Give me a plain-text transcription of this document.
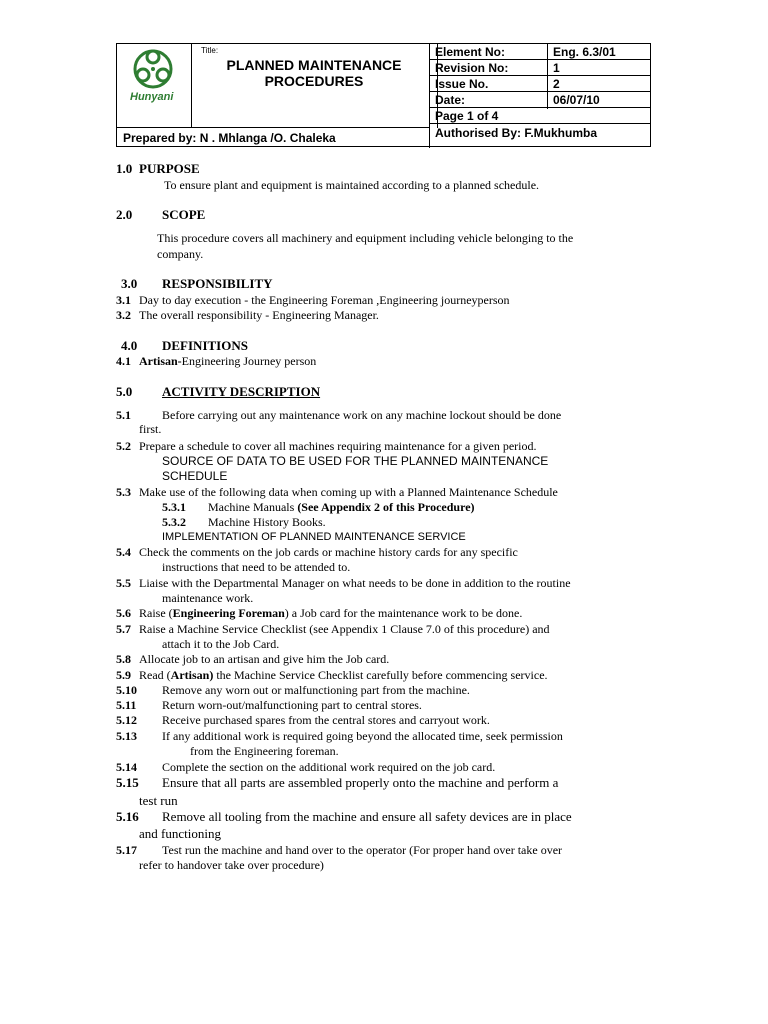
Hunyani
Title:
PLANNED MAINTENANCE
PROCEDURES
Element No:	Eng. 6.3/01
Revision No:	1
Issue No.	2
Date:	06/07/10
Page 1 of 4
Prepared by: N . Mhlanga /O. Chaleka	Authorised By: F.Mukhumba
1.0 PURPOSE
To ensure plant and equipment is maintained according to a planned schedule.
2.0 SCOPE
This procedure covers all machinery and equipment including vehicle belonging to the
company.
3.0 RESPONSIBILITY
3.1 Day to day execution - the Engineering Foreman ,Engineering journeyperson
3.2 The overall responsibility - Engineering Manager.
4.0 DEFINITIONS
4.1 Artisan-Engineering Journey person
5.0 ACTIVITY DESCRIPTION
5.1	Before carrying out any maintenance work on any machine lockout should be done
first.
5.2 Prepare a schedule to cover all machines requiring maintenance for a given period.
SOURCE OF DATA TO BE USED FOR THE PLANNED MAINTENANCE
SCHEDULE
5.3 Make use of the following data when coming up with a Planned Maintenance Schedule
5.3.1 Machine Manuals (See Appendix 2 of this Procedure)
5.3.2 Machine History Books.
IMPLEMENTATION OF PLANNED MAINTENANCE SERVICE
5.4 Check the comments on the job cards or machine history cards for any specific
instructions that need to be attended to.
5.5 Liaise with the Departmental Manager on what needs to be done in addition to the routine
maintenance work.
5.6 Raise (Engineering Foreman) a Job card for the maintenance work to be done.
5.7 Raise a Machine Service Checklist (see Appendix 1 Clause 7.0 of this procedure) and
attach it to the Job Card.
5.8 Allocate job to an artisan and give him the Job card.
5.9 Read (Artisan) the Machine Service Checklist carefully before commencing service.
5.10 Remove any worn out or malfunctioning part from the machine.
5.11 Return worn-out/malfunctioning part to central stores.
5.12 Receive purchased spares from the central stores and carryout work.
5.13 If any additional work is required going beyond the allocated time, seek permission
from the Engineering foreman.
5.14 Complete the section on the additional work required on the job card.
5.15 Ensure that all parts are assembled properly onto the machine and perform a
test run
5.16 Remove all tooling from the machine and ensure all safety devices are in place
and functioning
5.17 Test run the machine and hand over to the operator (For proper hand over take over
refer to handover take over procedure)
